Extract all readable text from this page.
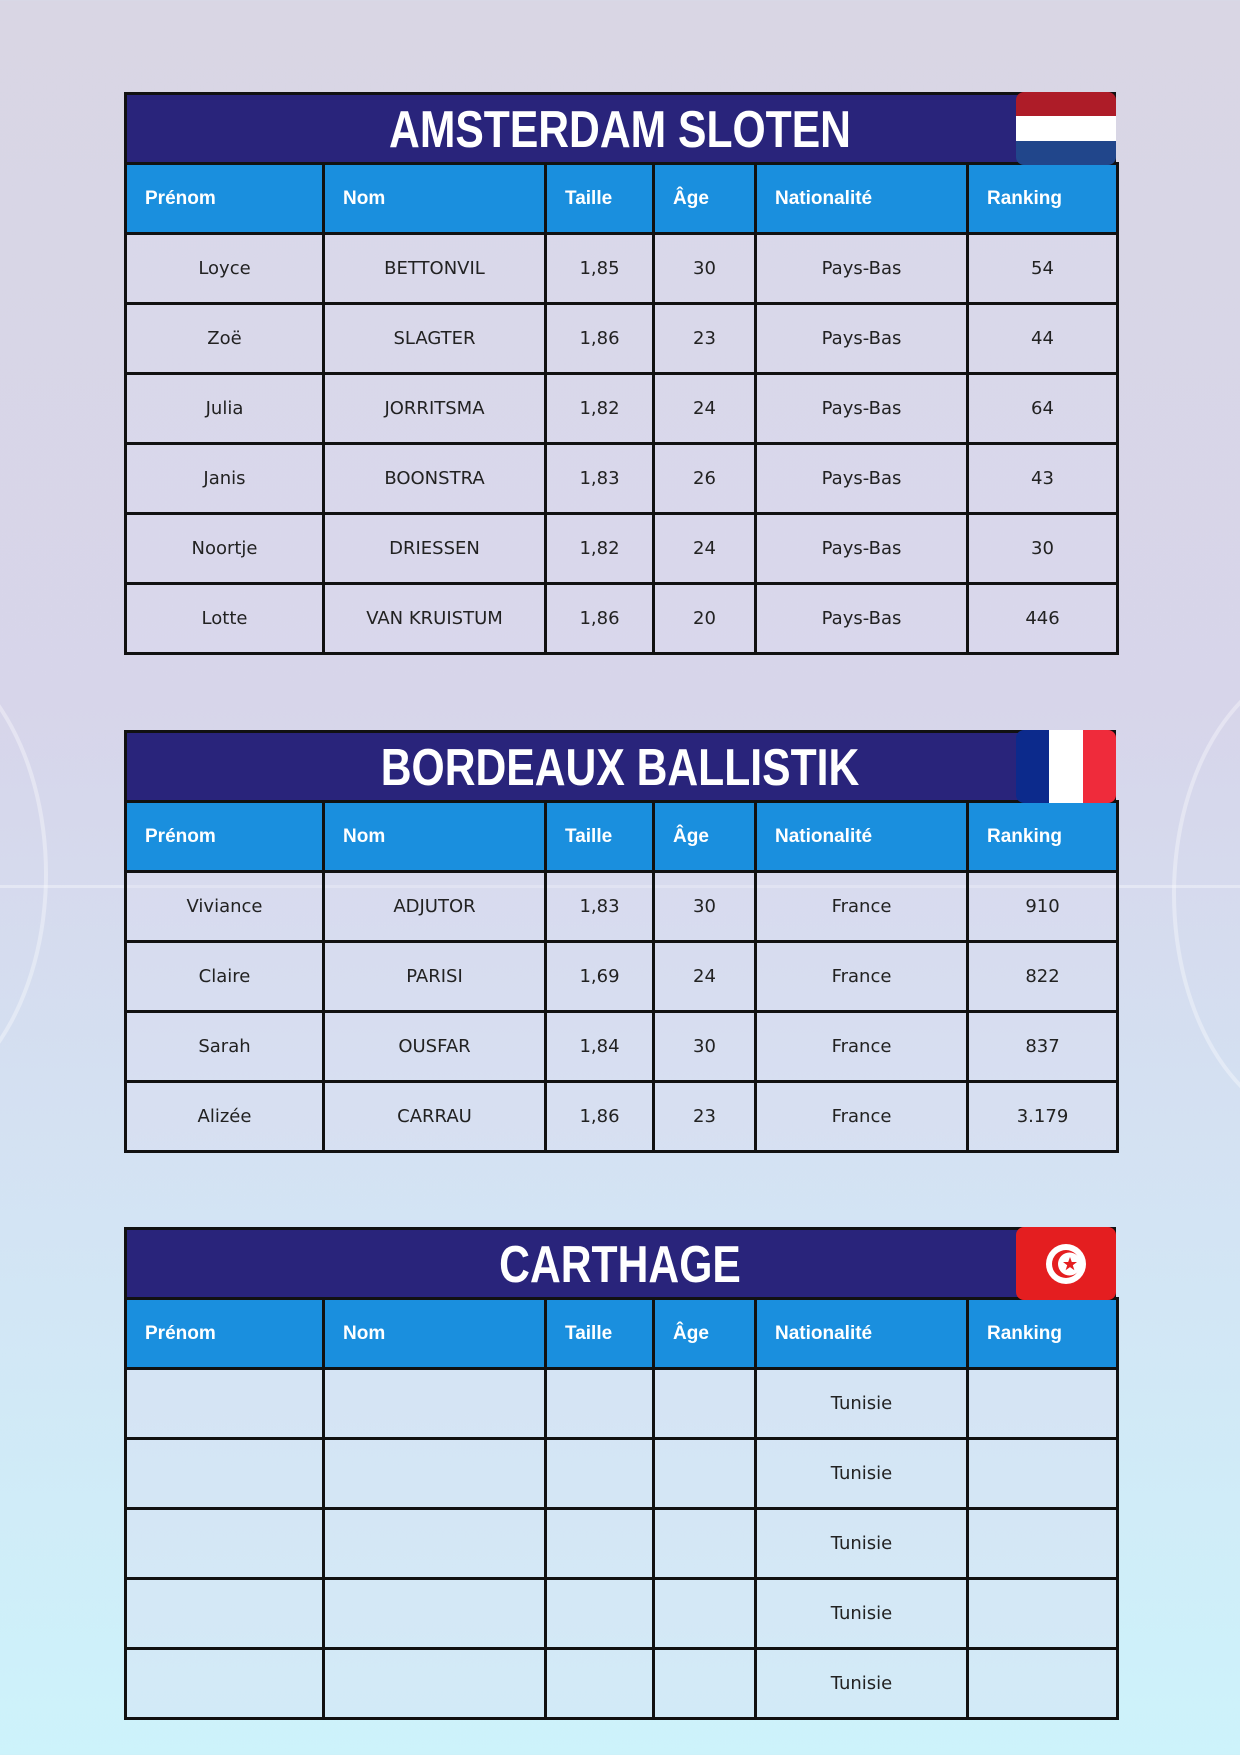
AMSTERDAM SLOTEN
Prénom	Nom	Taille	Âge	Nationalité	Ranking
Loyce	BETTONVIL	1,85	30	Pays-Bas	54
Zoë	SLAGTER	1,86	23	Pays-Bas	44
Julia	JORRITSMA	1,82	24	Pays-Bas	64
Janis	BOONSTRA	1,83	26	Pays-Bas	43
Noortje	DRIESSEN	1,82	24	Pays-Bas	30
Lotte	VAN KRUISTUM	1,86	20	Pays-Bas	446
BORDEAUX BALLISTIK
Prénom	Nom	Taille	Âge	Nationalité	Ranking
Viviance	ADJUTOR	1,83	30	France	910
Claire	PARISI	1,69	24	France	822
Sarah	OUSFAR	1,84	30	France	837
Alizée	CARRAU	1,86	23	France	3.179
CARTHAGE
Prénom	Nom	Taille	Âge	Nationalité	Ranking
				Tunisie	
				Tunisie	
				Tunisie	
				Tunisie	
				Tunisie	
